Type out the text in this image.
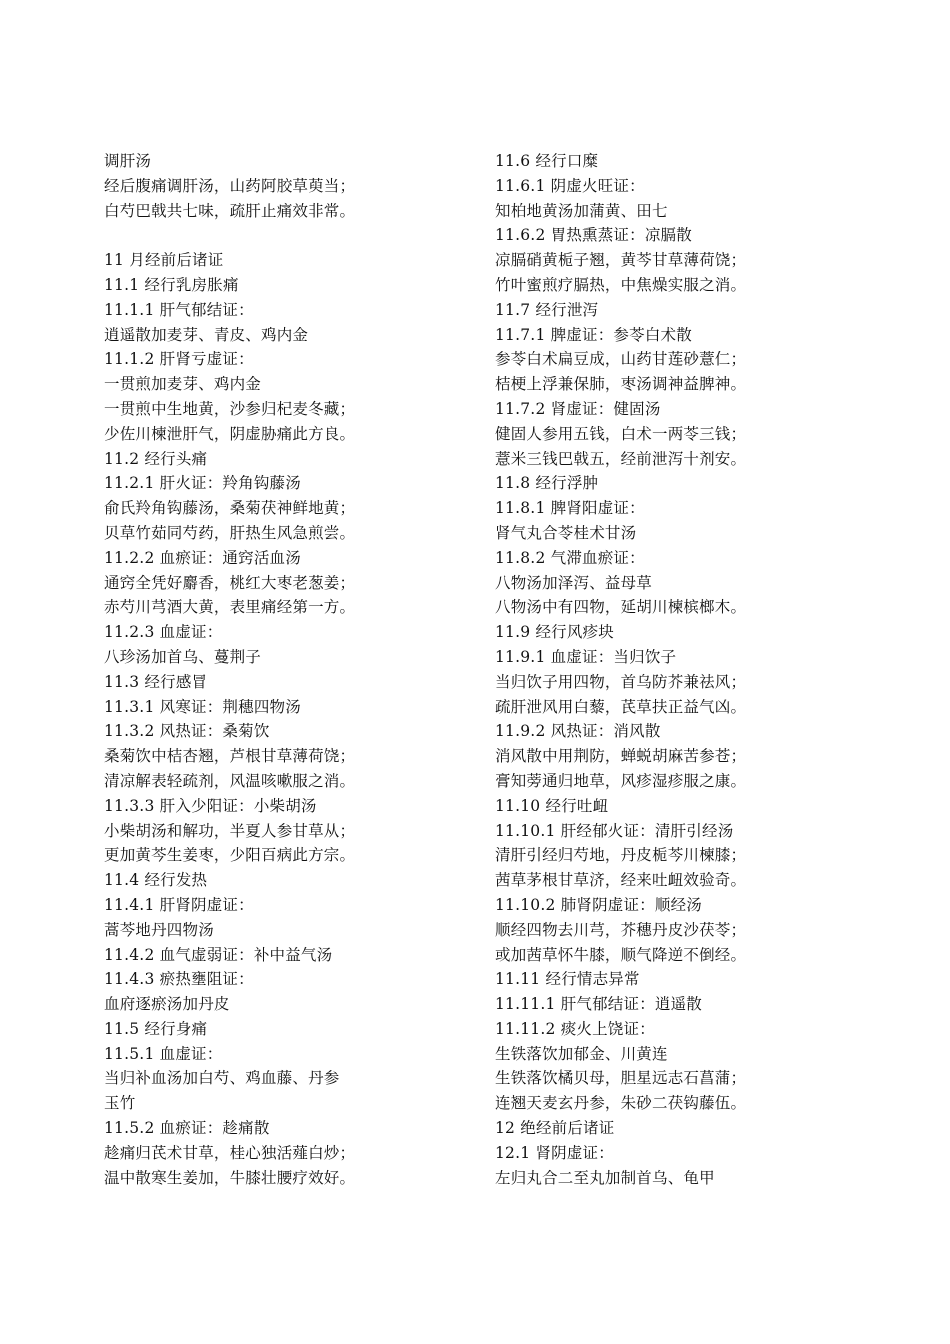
调肝汤
经后腹痛调肝汤，山药阿胶草萸当；
白芍巴戟共七味，疏肝止痛效非常。
11 月经前后诸证
11.1 经行乳房胀痛
11.1.1 肝气郁结证：
逍遥散加麦芽、青皮、鸡内金
11.1.2 肝肾亏虚证：
一贯煎加麦芽、鸡内金
一贯煎中生地黄，沙参归杞麦冬藏；
少佐川楝泄肝气，阴虚胁痛此方良。
11.2 经行头痛
11.2.1 肝火证：羚角钩藤汤
俞氏羚角钩藤汤，桑菊茯神鲜地黄；
贝草竹茹同芍药，肝热生风急煎尝。
11.2.2 血瘀证：通窍活血汤
通窍全凭好麝香，桃红大枣老葱姜；
赤芍川芎酒大黄，表里痛经第一方。
11.2.3 血虚证：
八珍汤加首乌、蔓荆子
11.3 经行感冒
11.3.1 风寒证：荆穗四物汤
11.3.2 风热证：桑菊饮
桑菊饮中桔杏翘，芦根甘草薄荷饶；
清凉解表轻疏剂，风温咳嗽服之消。
11.3.3 肝入少阳证：小柴胡汤
小柴胡汤和解功，半夏人参甘草从；
更加黄芩生姜枣，少阳百病此方宗。
11.4 经行发热
11.4.1 肝肾阴虚证：
蒿芩地丹四物汤
11.4.2 血气虚弱证：补中益气汤
11.4.3 瘀热壅阻证：
血府逐瘀汤加丹皮
11.5 经行身痛
11.5.1 血虚证：
当归补血汤加白芍、鸡血藤、丹参
玉竹
11.5.2 血瘀证：趁痛散
趁痛归芪术甘草，桂心独活薤白炒；
温中散寒生姜加，牛膝壮腰疗效好。
11.6 经行口糜
11.6.1 阴虚火旺证：
知柏地黄汤加蒲黄、田七
11.6.2 胃热熏蒸证：凉膈散
凉膈硝黄栀子翘，黄芩甘草薄荷饶；
竹叶蜜煎疗膈热，中焦燥实服之消。
11.7 经行泄泻
11.7.1 脾虚证：参苓白术散
参苓白术扁豆成，山药甘莲砂薏仁；
桔梗上浮兼保肺，枣汤调神益脾神。
11.7.2 肾虚证：健固汤
健固人参用五钱，白术一两苓三钱；
薏米三钱巴戟五，经前泄泻十剂安。
11.8 经行浮肿
11.8.1 脾肾阳虚证：
肾气丸合苓桂术甘汤
11.8.2 气滞血瘀证：
八物汤加泽泻、益母草
八物汤中有四物，延胡川楝槟榔木。
11.9 经行风疹块
11.9.1 血虚证：当归饮子
当归饮子用四物，首乌防芥兼祛风；
疏肝泄风用白藜，芪草扶正益气凶。
11.9.2 风热证：消风散
消风散中用荆防，蝉蜕胡麻苦参苍；
膏知蒡通归地草，风疹湿疹服之康。
11.10 经行吐衄
11.10.1 肝经郁火证：清肝引经汤
清肝引经归芍地，丹皮栀芩川楝膝；
茜草茅根甘草济，经来吐衄效验奇。
11.10.2 肺肾阴虚证：顺经汤
顺经四物去川芎，芥穗丹皮沙茯苓；
或加茜草怀牛膝，顺气降逆不倒经。
11.11 经行情志异常
11.11.1 肝气郁结证：逍遥散
11.11.2 痰火上饶证：
生铁落饮加郁金、川黄连
生铁落饮橘贝母，胆星远志石菖蒲；
连翘天麦玄丹参，朱砂二茯钩藤伍。
12 绝经前后诸证
12.1 肾阴虚证：
左归丸合二至丸加制首乌、龟甲
